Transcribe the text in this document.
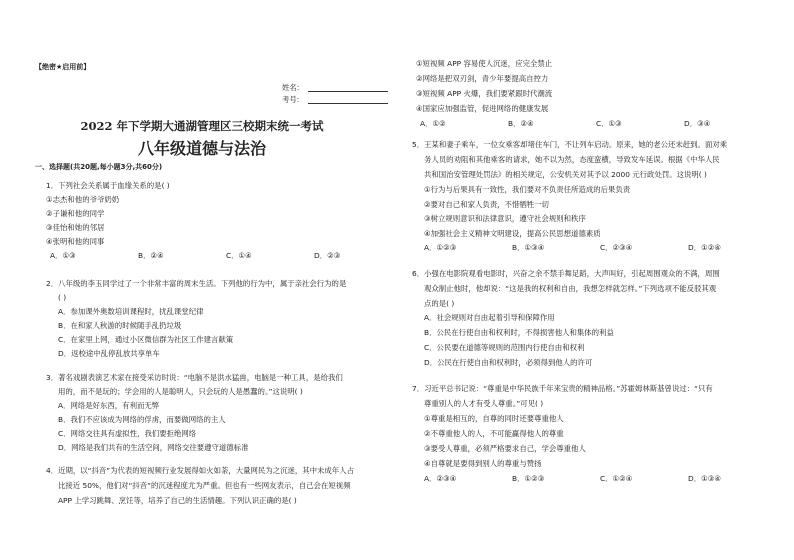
【绝密★启用前】
姓名:
考号:
2022 年下学期大通湖管理区三校期末统一考试
八年级道德与法治
一、选择题(共20题,每小题3分,共60分)
1．下列社会关系属于血缘关系的是( )
①志杰和他的爷爷奶奶
②子谦和他的同学
③佳怡和她的邻居
④张明和他的同事
A．①③	B．②④	C．①④	D．②③
2．八年级的李玉同学过了一个非常丰富的周末生活。下列他的行为中，属于亲社会行为的是
( )
A．参加课外奥数培训课程时，扰乱课堂纪律
B．在和家人秋游的时候随手乱扔垃圾
C．在家里上网，通过小区微信群为社区工作建言献策
D．返校途中乱停乱放共享单车
3．著名戏剧表演艺术家在接受采访时说：“电脑不是洪水猛兽，电脑是一种工具，是给我们
用的，而不是玩的；学会用的人是聪明人，只会玩的人是愚蠢的。”这说明( )
A．网络是好东西，有利而无弊
B．我们不应该成为网络的俘虏，而要做网络的主人
C．网络交往具有虚拟性，我们要拒绝网络
D．网络是我们共有的生活空间，网络交往要遵守道德标准
4．近期，以“抖音”为代表的短视频行业发展得如火如荼，大量网民为之沉迷，其中未成年人占
比接近 50%，他们对“抖音”的沉迷程度尤为严重。但也有一些网友表示，自己会在短视频
APP 上学习跳舞、烹饪等，培养了自己的生活情趣。下列认识正确的是( )
①短视频 APP 容易使人沉迷，应完全禁止
②网络是把双刃剑，青少年要提高自控力
③短视频 APP 火爆，我们要紧跟时代潮流
④国家应加强监管，促进网络的健康发展
A．①②	B．②④	C．①③	D．③④
5．王某和妻子乘车，一位女乘客却堵住车门，不让列车启动。原来，她的老公还未赶到。面对乘
务人员的劝阻和其他乘客的请求，她不以为然，态度蛮横，导致发车延误。根据《中华人民
共和国治安管理处罚法》的相关规定，公安机关对其予以 2000 元行政处罚。这说明( )
①行为与后果具有一致性，我们要对不负责任所造成的后果负责
②要对自己和家人负责，不惜牺牲一切
③树立规则意识和法律意识，遵守社会规则和秩序
④加强社会主义精神文明建设，提高公民思想道德素质
A．①②③	B．①③④	C．②③④	D．①②④
6．小强在电影院观看电影时，兴奋之余不禁手舞足蹈，大声叫好，引起周围观众的不满，周围
观众制止他时，他却说：“这是我的权利和自由，我想怎样就怎样。”下列选项不能反驳其观
点的是( )
A．社会规则对自由起着引导和保障作用
B．公民在行使自由和权利时，不得损害他人和集体的利益
C．公民要在道德等规则的范围内行使自由和权利
D．公民在行使自由和权利时，必须得到他人的许可
7．习近平总书记说：“尊重是中华民族千年来宝贵的精神品格。”苏霍姆林斯基曾说过：“只有
尊重别人的人才有受人尊重。”可见( )
①尊重是相互的，自尊的同时还要尊重他人
②不尊重他人的人，不可能赢得他人的尊重
③要受人尊重，必须严格要求自己，学会尊重他人
④自尊就是要得到别人的尊重与赞扬
A．②③④	B．①②③	C．①②④	D．①③④
